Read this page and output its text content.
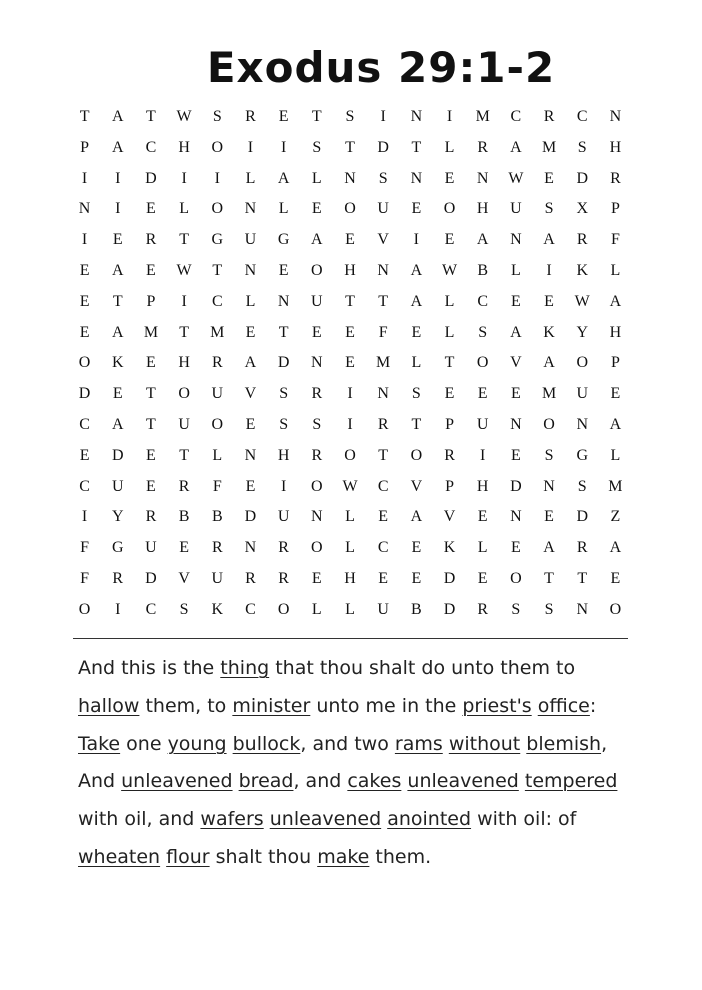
Exodus 29:1-2
T	A	T	W	S	R	E	T	S	I	N	I	M	C	R	C	N
P	A	C	H	O	I	I	S	T	D	T	L	R	A	M	S	H
I	I	D	I	I	L	A	L	N	S	N	E	N	W	E	D	R
N	I	E	L	O	N	L	E	O	U	E	O	H	U	S	X	P
I	E	R	T	G	U	G	A	E	V	I	E	A	N	A	R	F
E	A	E	W	T	N	E	O	H	N	A	W	B	L	I	K	L
E	T	P	I	C	L	N	U	T	T	A	L	C	E	E	W	A
E	A	M	T	M	E	T	E	E	F	E	L	S	A	K	Y	H
O	K	E	H	R	A	D	N	E	M	L	T	O	V	A	O	P
D	E	T	O	U	V	S	R	I	N	S	E	E	E	M	U	E
C	A	T	U	O	E	S	S	I	R	T	P	U	N	O	N	A
E	D	E	T	L	N	H	R	O	T	O	R	I	E	S	G	L
C	U	E	R	F	E	I	O	W	C	V	P	H	D	N	S	M
I	Y	R	B	B	D	U	N	L	E	A	V	E	N	E	D	Z
F	G	U	E	R	N	R	O	L	C	E	K	L	E	A	R	A
F	R	D	V	U	R	R	E	H	E	E	D	E	O	T	T	E
O	I	C	S	K	C	O	L	L	U	B	D	R	S	S	N	O
And this is the thing that thou shalt do unto them to hallow them, to minister unto me in the priest's office: Take one young bullock, and two rams without blemish, And unleavened bread, and cakes unleavened tempered with oil, and wafers unleavened anointed with oil: of wheaten flour shalt thou make them.
